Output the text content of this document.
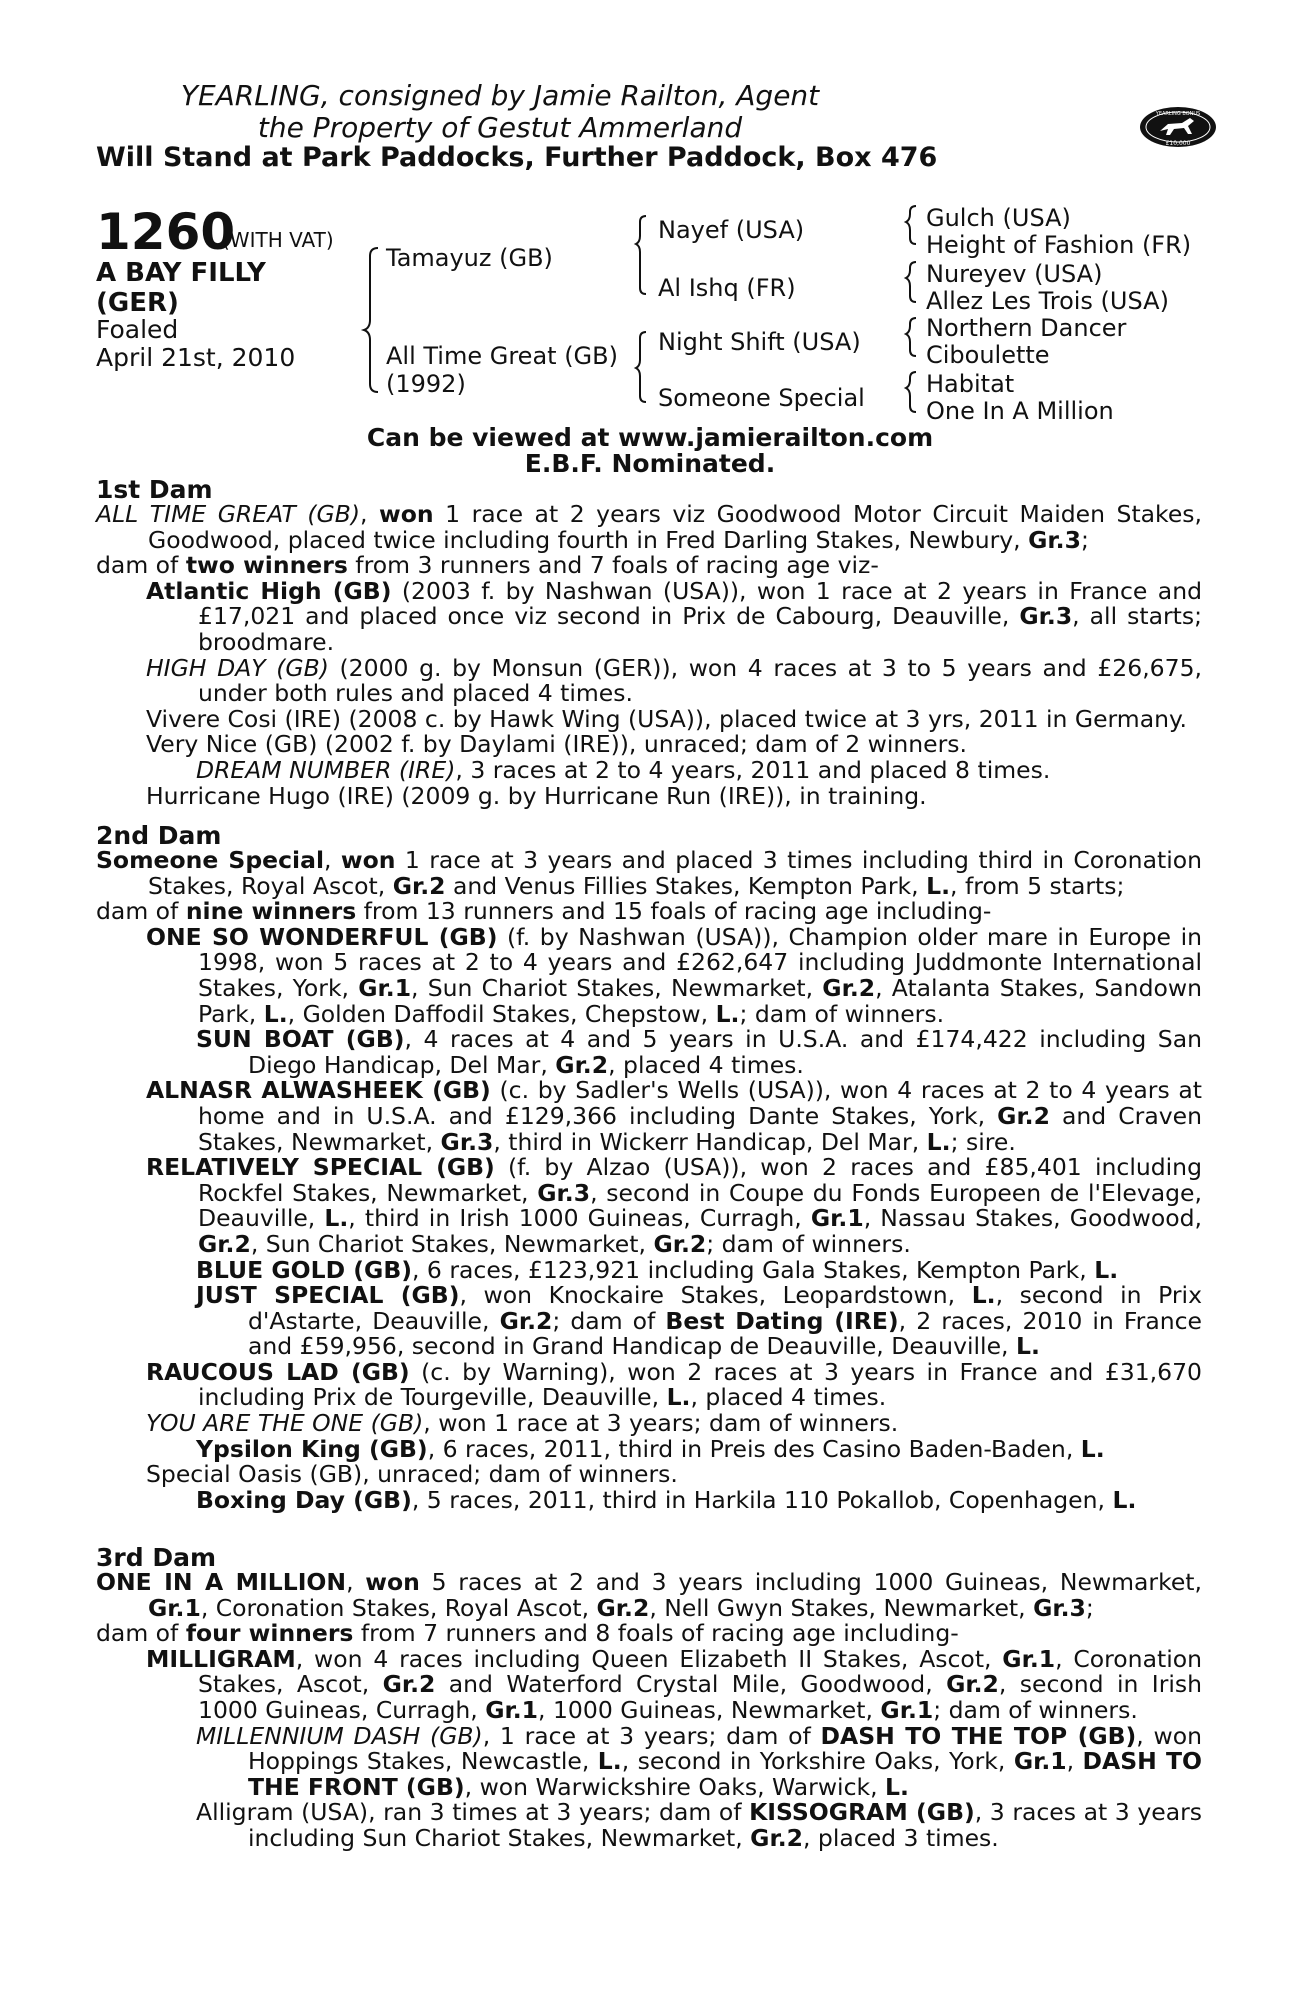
YEARLING, consigned by Jamie Railton, Agent
the Property of Gestut Ammerland
Will Stand at Park Paddocks, Further Paddock, Box 476
YEARLING BONUS
£10,000
1260
(WITH VAT)
A BAY FILLY
(GER)
Foaled
April 21st, 2010
Tamayuz (GB)
All Time Great (GB)
(1992)
Nayef (USA)
Al Ishq (FR)
Night Shift (USA)
Someone Special
Gulch (USA)
Height of Fashion (FR)
Nureyev (USA)
Allez Les Trois (USA)
Northern Dancer
Ciboulette
Habitat
One In A Million
Can be viewed at www.jamierailton.com
E.B.F. Nominated.
1st Dam

ALL TIME GREAT (GB), won 1 race at 2 years viz Goodwood Motor Circuit Maiden Stakes, Goodwood, placed twice including fourth in Fred Darling Stakes, Newbury, Gr.3;

dam of two winners from 3 runners and 7 foals of racing age viz-

Atlantic High (GB) (2003 f. by Nashwan (USA)), won 1 race at 2 years in France and £17,021 and placed once viz second in Prix de Cabourg, Deauville, Gr.3, all starts; broodmare.

HIGH DAY (GB) (2000 g. by Monsun (GER)), won 4 races at 3 to 5 years and £26,675, under both rules and placed 4 times.

Vivere Cosi (IRE) (2008 c. by Hawk Wing (USA)), placed twice at 3 yrs, 2011 in Germany.

Very Nice (GB) (2002 f. by Daylami (IRE)), unraced; dam of 2 winners.

DREAM NUMBER (IRE), 3 races at 2 to 4 years, 2011 and placed 8 times.

Hurricane Hugo (IRE) (2009 g. by Hurricane Run (IRE)), in training.

2nd Dam

Someone Special, won 1 race at 3 years and placed 3 times including third in Coronation Stakes, Royal Ascot, Gr.2 and Venus Fillies Stakes, Kempton Park, L., from 5 starts;

dam of nine winners from 13 runners and 15 foals of racing age including-

ONE SO WONDERFUL (GB) (f. by Nashwan (USA)), Champion older mare in Europe in 1998, won 5 races at 2 to 4 years and £262,647 including Juddmonte International Stakes, York, Gr.1, Sun Chariot Stakes, Newmarket, Gr.2, Atalanta Stakes, Sandown Park, L., Golden Daffodil Stakes, Chepstow, L.; dam of winners.

SUN BOAT (GB), 4 races at 4 and 5 years in U.S.A. and £174,422 including San Diego Handicap, Del Mar, Gr.2, placed 4 times.

ALNASR ALWASHEEK (GB) (c. by Sadler's Wells (USA)), won 4 races at 2 to 4 years at home and in U.S.A. and £129,366 including Dante Stakes, York, Gr.2 and Craven Stakes, Newmarket, Gr.3, third in Wickerr Handicap, Del Mar, L.; sire.

RELATIVELY SPECIAL (GB) (f. by Alzao (USA)), won 2 races and £85,401 including Rockfel Stakes, Newmarket, Gr.3, second in Coupe du Fonds Europeen de l'Elevage, Deauville, L., third in Irish 1000 Guineas, Curragh, Gr.1, Nassau Stakes, Goodwood, Gr.2, Sun Chariot Stakes, Newmarket, Gr.2; dam of winners.

BLUE GOLD (GB), 6 races, £123,921 including Gala Stakes, Kempton Park, L.

JUST SPECIAL (GB), won Knockaire Stakes, Leopardstown, L., second in Prix d'Astarte, Deauville, Gr.2; dam of Best Dating (IRE), 2 races, 2010 in France and £59,956, second in Grand Handicap de Deauville, Deauville, L.

RAUCOUS LAD (GB) (c. by Warning), won 2 races at 3 years in France and £31,670 including Prix de Tourgeville, Deauville, L., placed 4 times.

YOU ARE THE ONE (GB), won 1 race at 3 years; dam of winners.

Ypsilon King (GB), 6 races, 2011, third in Preis des Casino Baden-Baden, L.

Special Oasis (GB), unraced; dam of winners.

Boxing Day (GB), 5 races, 2011, third in Harkila 110 Pokallob, Copenhagen, L.

3rd Dam

ONE IN A MILLION, won 5 races at 2 and 3 years including 1000 Guineas, Newmarket, Gr.1, Coronation Stakes, Royal Ascot, Gr.2, Nell Gwyn Stakes, Newmarket, Gr.3;

dam of four winners from 7 runners and 8 foals of racing age including-

MILLIGRAM, won 4 races including Queen Elizabeth II Stakes, Ascot, Gr.1, Coronation Stakes, Ascot, Gr.2 and Waterford Crystal Mile, Goodwood, Gr.2, second in Irish 1000 Guineas, Curragh, Gr.1, 1000 Guineas, Newmarket, Gr.1; dam of winners.

MILLENNIUM DASH (GB), 1 race at 3 years; dam of DASH TO THE TOP (GB), won Hoppings Stakes, Newcastle, L., second in Yorkshire Oaks, York, Gr.1, DASH TO THE FRONT (GB), won Warwickshire Oaks, Warwick, L.

Alligram (USA), ran 3 times at 3 years; dam of KISSOGRAM (GB), 3 races at 3 years including Sun Chariot Stakes, Newmarket, Gr.2, placed 3 times.
